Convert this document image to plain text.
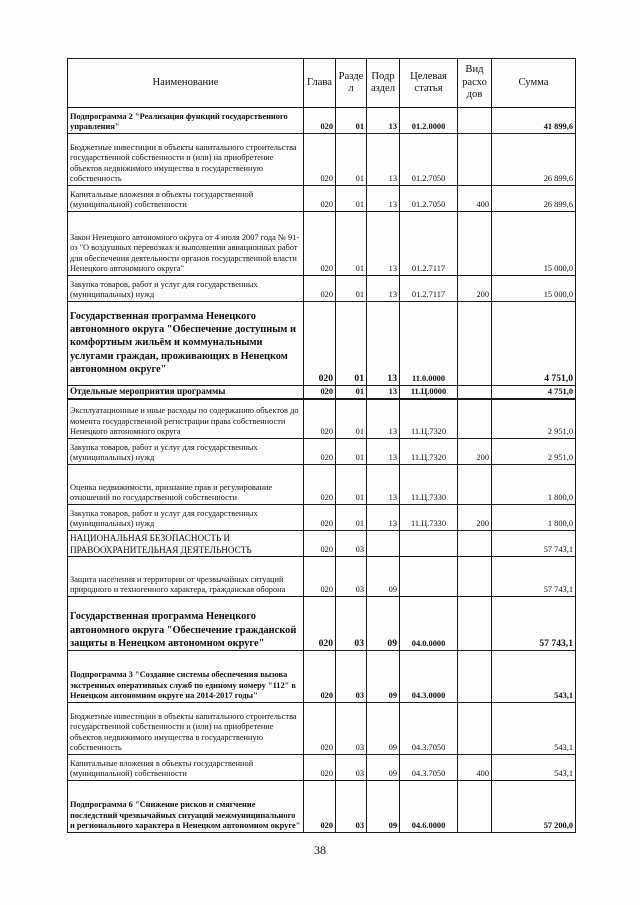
Наименование	Глава	Разде л	Подр аздел	Целевая статья	Вид расхо дов	Сумма
Подпрограмма 2 "Реализация функций государственного управления"	020	01	13	01.2.0000		41 899,6
Бюджетные инвестиции в объекты капитального строительства государственной собственности и (или) на приобретение объектов недвижимого имущества в государственную собственность	020	01	13	01.2.7050		26 899,6
Капитальные вложения в объекты государственной (муниципальной) собственности	020	01	13	01.2.7050	400	26 899,6
Закон Ненецкого автономного округа от 4 июля 2007 года № 91-оз "О воздушных перевозках и выполнении авиационных работ для обеспечения деятельности органов государственной власти Ненецкого автономного округа"	020	01	13	01.2.7117		15 000,0
Закупка товаров, работ и услуг для государственных (муниципальных) нужд	020	01	13	01.2.7117	200	15 000,0
Государственная программа Ненецкого автономного округа "Обеспечение доступным и комфортным жильём и коммунальными услугами граждан, проживающих в Ненецком автономном округе"	020	01	13	11.0.0000		4 751,0
Отдельные мероприятия программы	020	01	13	11.Ц.0000		4 751,0
Эксплуатационные и иные расходы по содержанию объектов до момента государственной регистрации права собственности Ненецкого автономного округа	020	01	13	11.Ц.7320		2 951,0
Закупка товаров, работ и услуг для государственных (муниципальных) нужд	020	01	13	11.Ц.7320	200	2 951,0
Оценка недвижимости, признание прав и регулирование отношений по государственной собственности	020	01	13	11.Ц.7330		1 800,0
Закупка товаров, работ и услуг для государственных (муниципальных) нужд	020	01	13	11.Ц.7330	200	1 800,0
НАЦИОНАЛЬНАЯ БЕЗОПАСНОСТЬ И ПРАВООХРАНИТЕЛЬНАЯ ДЕЯТЕЛЬНОСТЬ	020	03				57 743,1
Защита населения и территории от чрезвычайных ситуаций природного и техногенного характера, гражданская оборона	020	03	09			57 743,1
Государственная программа Ненецкого автономного округа "Обеспечение гражданской защиты в Ненецком автономном округе"	020	03	09	04.0.0000		57 743,1
Подпрограмма 3 "Создание системы обеспечения вызова экстренных оперативных служб по единому номеру "112" в Ненецком автономном округе на 2014-2017 годы"	020	03	09	04.3.0000		543,1
Бюджетные инвестиции в объекты капитального строительства государственной собственности и (или) на приобретение объектов недвижимого имущества в государственную собственность	020	03	09	04.3.7050		543,1
Капитальные вложения в объекты государственной (муниципальной) собственности	020	03	09	04.3.7050	400	543,1
Подпрограмма 6 "Снижение рисков и смягчение последствий чрезвычайных ситуаций межмуниципального и регионального характера в Ненецком автономном округе"	020	03	09	04.6.0000		57 200,0
38
